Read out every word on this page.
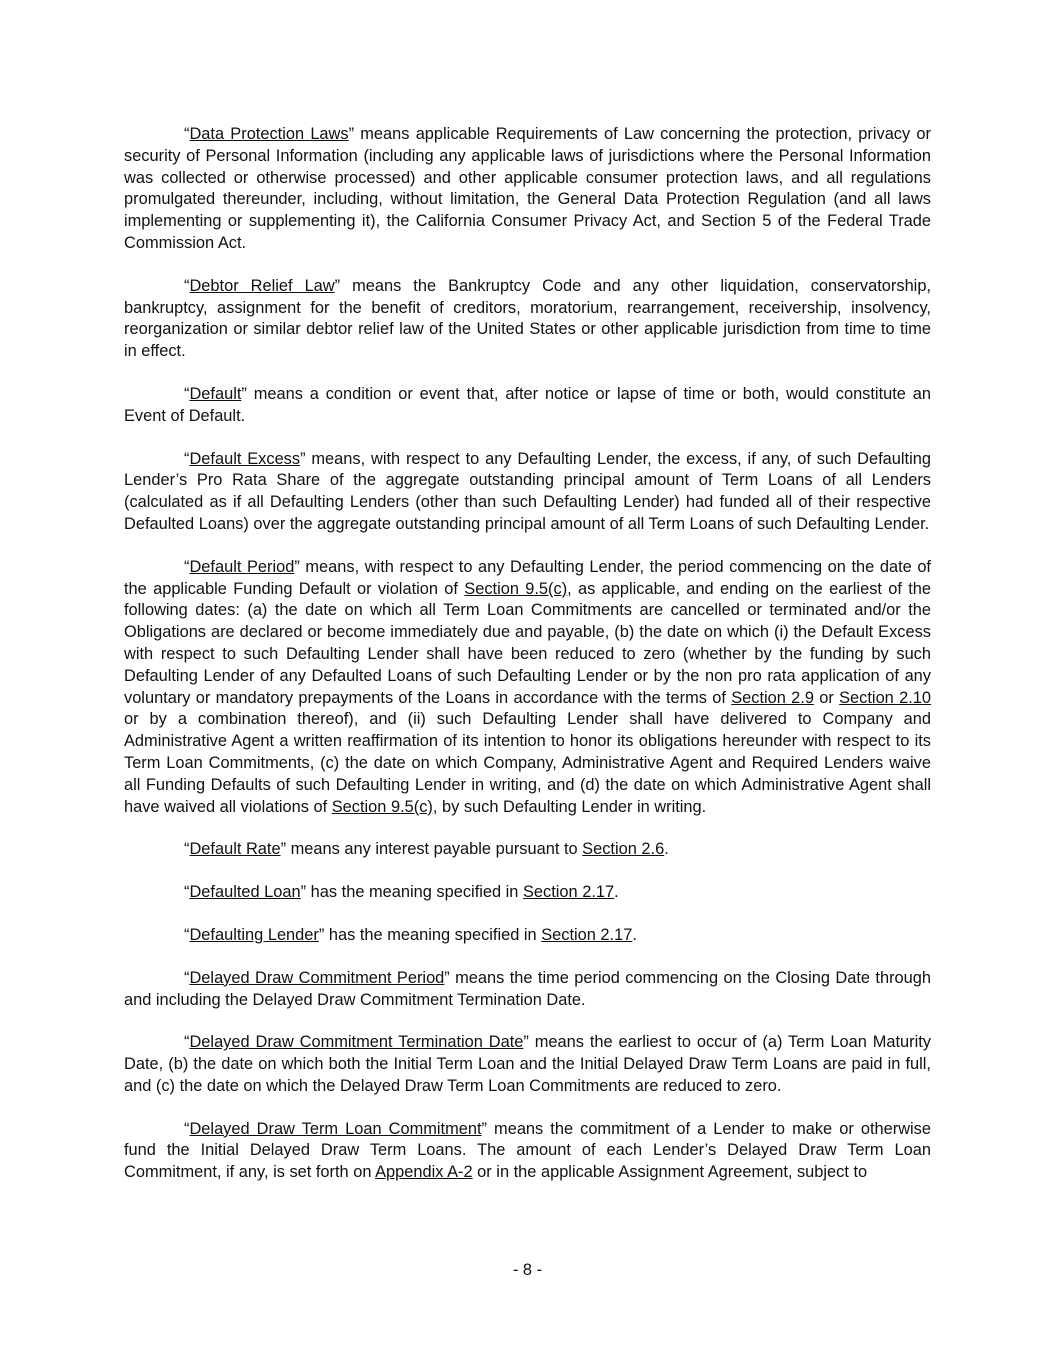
“Data Protection Laws” means applicable Requirements of Law concerning the protection, privacy or security of Personal Information (including any applicable laws of jurisdictions where the Personal Information was collected or otherwise processed) and other applicable consumer protection laws, and all regulations promulgated thereunder, including, without limitation, the General Data Protection Regulation (and all laws implementing or supplementing it), the California Consumer Privacy Act, and Section 5 of the Federal Trade Commission Act.

“Debtor Relief Law” means the Bankruptcy Code and any other liquidation, conservatorship, bankruptcy, assignment for the benefit of creditors, moratorium, rearrangement, receivership, insolvency, reorganization or similar debtor relief law of the United States or other applicable jurisdiction from time to time in effect.

“Default” means a condition or event that, after notice or lapse of time or both, would constitute an Event of Default.

“Default Excess” means, with respect to any Defaulting Lender, the excess, if any, of such Defaulting Lender’s Pro Rata Share of the aggregate outstanding principal amount of Term Loans of all Lenders (calculated as if all Defaulting Lenders (other than such Defaulting Lender) had funded all of their respective Defaulted Loans) over the aggregate outstanding principal amount of all Term Loans of such Defaulting Lender.

“Default Period” means, with respect to any Defaulting Lender, the period commencing on the date of the applicable Funding Default or violation of Section 9.5(c), as applicable, and ending on the earliest of the following dates: (a) the date on which all Term Loan Commitments are cancelled or terminated and/or the Obligations are declared or become immediately due and payable, (b) the date on which (i) the Default Excess with respect to such Defaulting Lender shall have been reduced to zero (whether by the funding by such Defaulting Lender of any Defaulted Loans of such Defaulting Lender or by the non pro rata application of any voluntary or mandatory prepayments of the Loans in accordance with the terms of Section 2.9 or Section 2.10 or by a combination thereof), and (ii) such Defaulting Lender shall have delivered to Company and Administrative Agent a written reaffirmation of its intention to honor its obligations hereunder with respect to its Term Loan Commitments, (c) the date on which Company, Administrative Agent and Required Lenders waive all Funding Defaults of such Defaulting Lender in writing, and (d) the date on which Administrative Agent shall have waived all violations of Section 9.5(c), by such Defaulting Lender in writing.

“Default Rate” means any interest payable pursuant to Section 2.6.

“Defaulted Loan” has the meaning specified in Section 2.17.

“Defaulting Lender” has the meaning specified in Section 2.17.

“Delayed Draw Commitment Period” means the time period commencing on the Closing Date through and including the Delayed Draw Commitment Termination Date.

“Delayed Draw Commitment Termination Date” means the earliest to occur of (a) Term Loan Maturity Date, (b) the date on which both the Initial Term Loan and the Initial Delayed Draw Term Loans are paid in full, and (c) the date on which the Delayed Draw Term Loan Commitments are reduced to zero.

“Delayed Draw Term Loan Commitment” means the commitment of a Lender to make or otherwise fund the Initial Delayed Draw Term Loans. The amount of each Lender’s Delayed Draw Term Loan Commitment, if any, is set forth on Appendix A-2 or in the applicable Assignment Agreement, subject to

- 8 -
